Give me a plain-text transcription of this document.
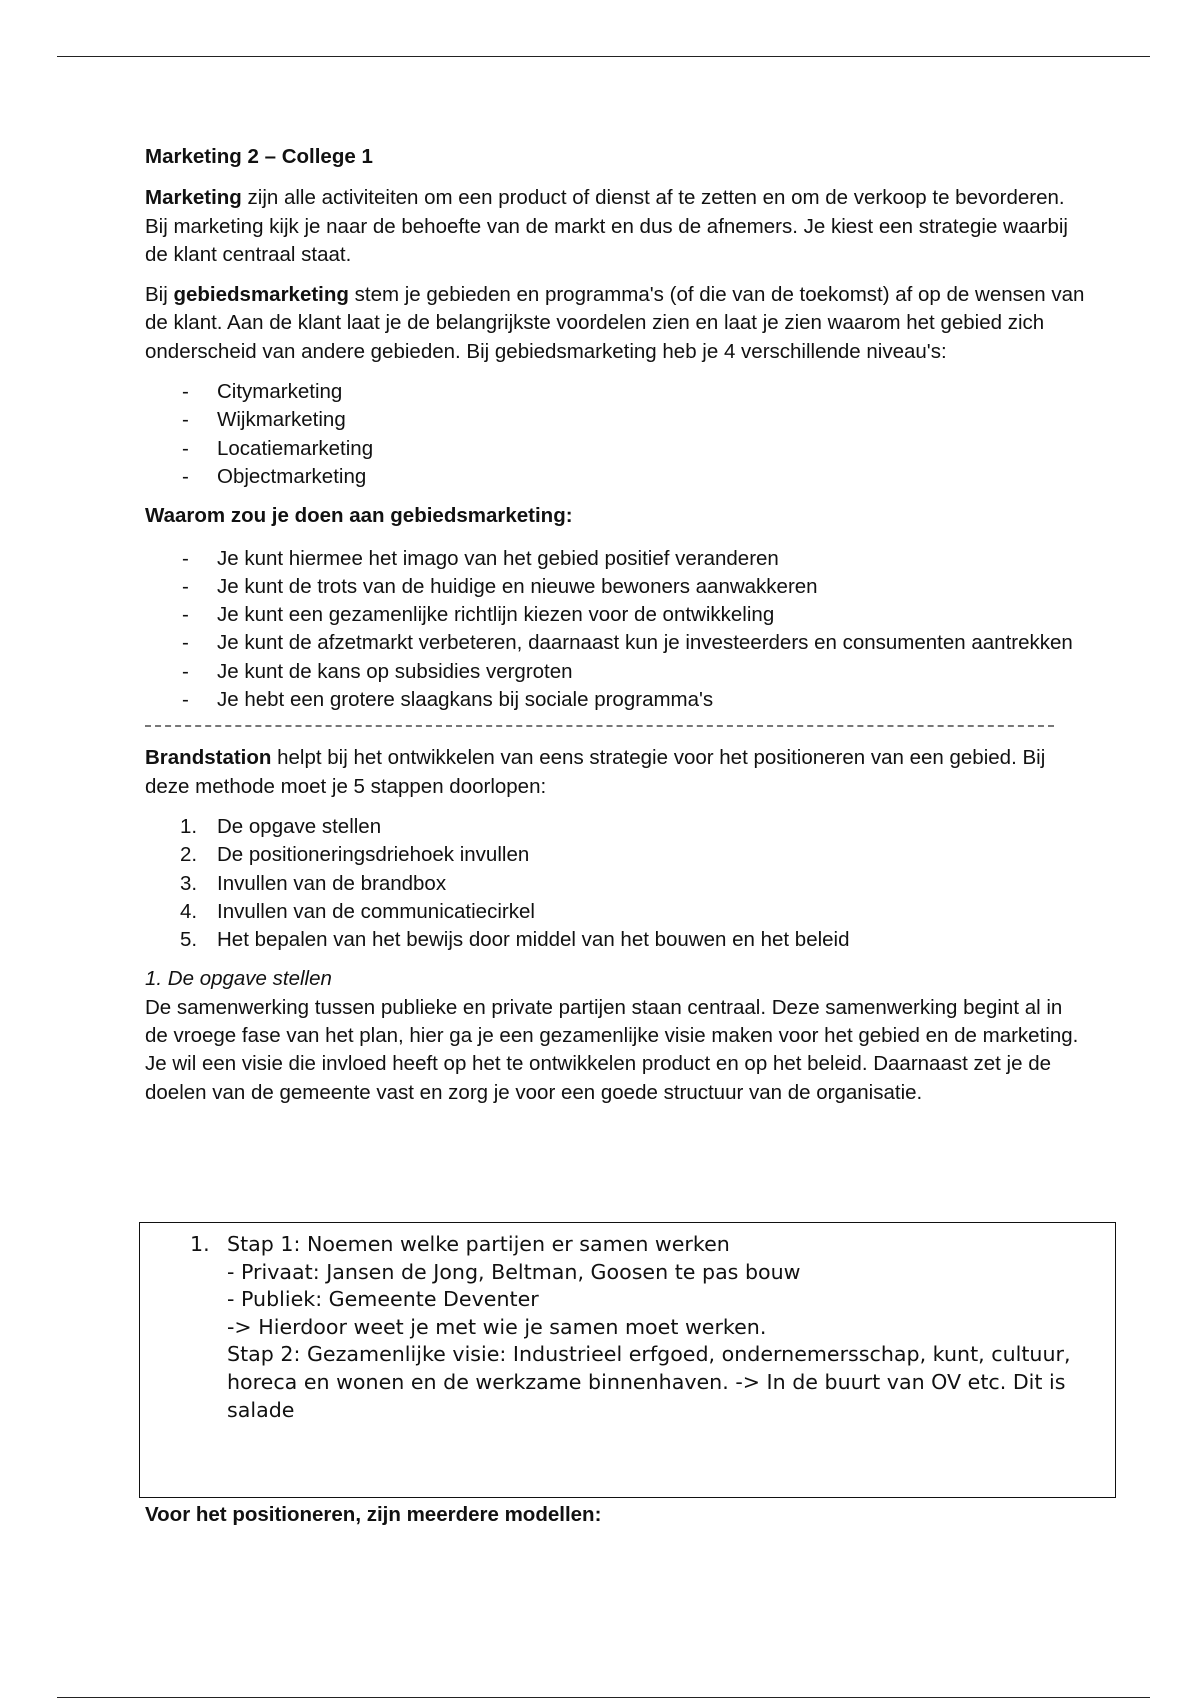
Marketing 2 – College 1

Marketing zijn alle activiteiten om een product of dienst af te zetten en om de verkoop te bevorderen. Bij marketing kijk je naar de behoefte van de markt en dus de afnemers. Je kiest een strategie waarbij de klant centraal staat.

Bij gebiedsmarketing stem je gebieden en programma's (of die van de toekomst) af op de wensen van de klant. Aan de klant laat je de belangrijkste voordelen zien en laat je zien waarom het gebied zich onderscheid van andere gebieden. Bij gebiedsmarketing heb je 4 verschillende niveau's:

- Citymarketing
- Wijkmarketing
- Locatiemarketing
- Objectmarketing
Waarom zou je doen aan gebiedsmarketing:
- Je kunt hiermee het imago van het gebied positief veranderen
- Je kunt de trots van de huidige en nieuwe bewoners aanwakkeren
- Je kunt een gezamenlijke richtlijn kiezen voor de ontwikkeling
- Je kunt de afzetmarkt verbeteren, daarnaast kun je investeerders en consumenten aantrekken
- Je kunt de kans op subsidies vergroten
- Je hebt een grotere slaagkans bij sociale programma's

Brandstation helpt bij het ontwikkelen van eens strategie voor het positioneren van een gebied. Bij deze methode moet je 5 stappen doorlopen:

1. De opgave stellen
2. De positioneringsdriehoek invullen
3. Invullen van de brandbox
4. Invullen van de communicatiecirkel
5. Het bepalen van het bewijs door middel van het bouwen en het beleid

1. De opgave stellen

De samenwerking tussen publieke en private partijen staan centraal. Deze samenwerking begint al in de vroege fase van het plan, hier ga je een gezamenlijke visie maken voor het gebied en de marketing. Je wil een visie die invloed heeft op het te ontwikkelen product en op het beleid. Daarnaast zet je de doelen van de gemeente vast en zorg je voor een goede structuur van de organisatie.

1. Stap 1: Noemen welke partijen er samen werken
- Privaat: Jansen de Jong, Beltman, Goosen te pas bouw
- Publiek: Gemeente Deventer
-> Hierdoor weet je met wie je samen moet werken.
Stap 2: Gezamenlijke visie: Industrieel erfgoed, ondernemersschap, kunt, cultuur, horeca en wonen en de werkzame binnenhaven. -> In de buurt van OV etc. Dit is salade
Voor het positioneren, zijn meerdere modellen:
